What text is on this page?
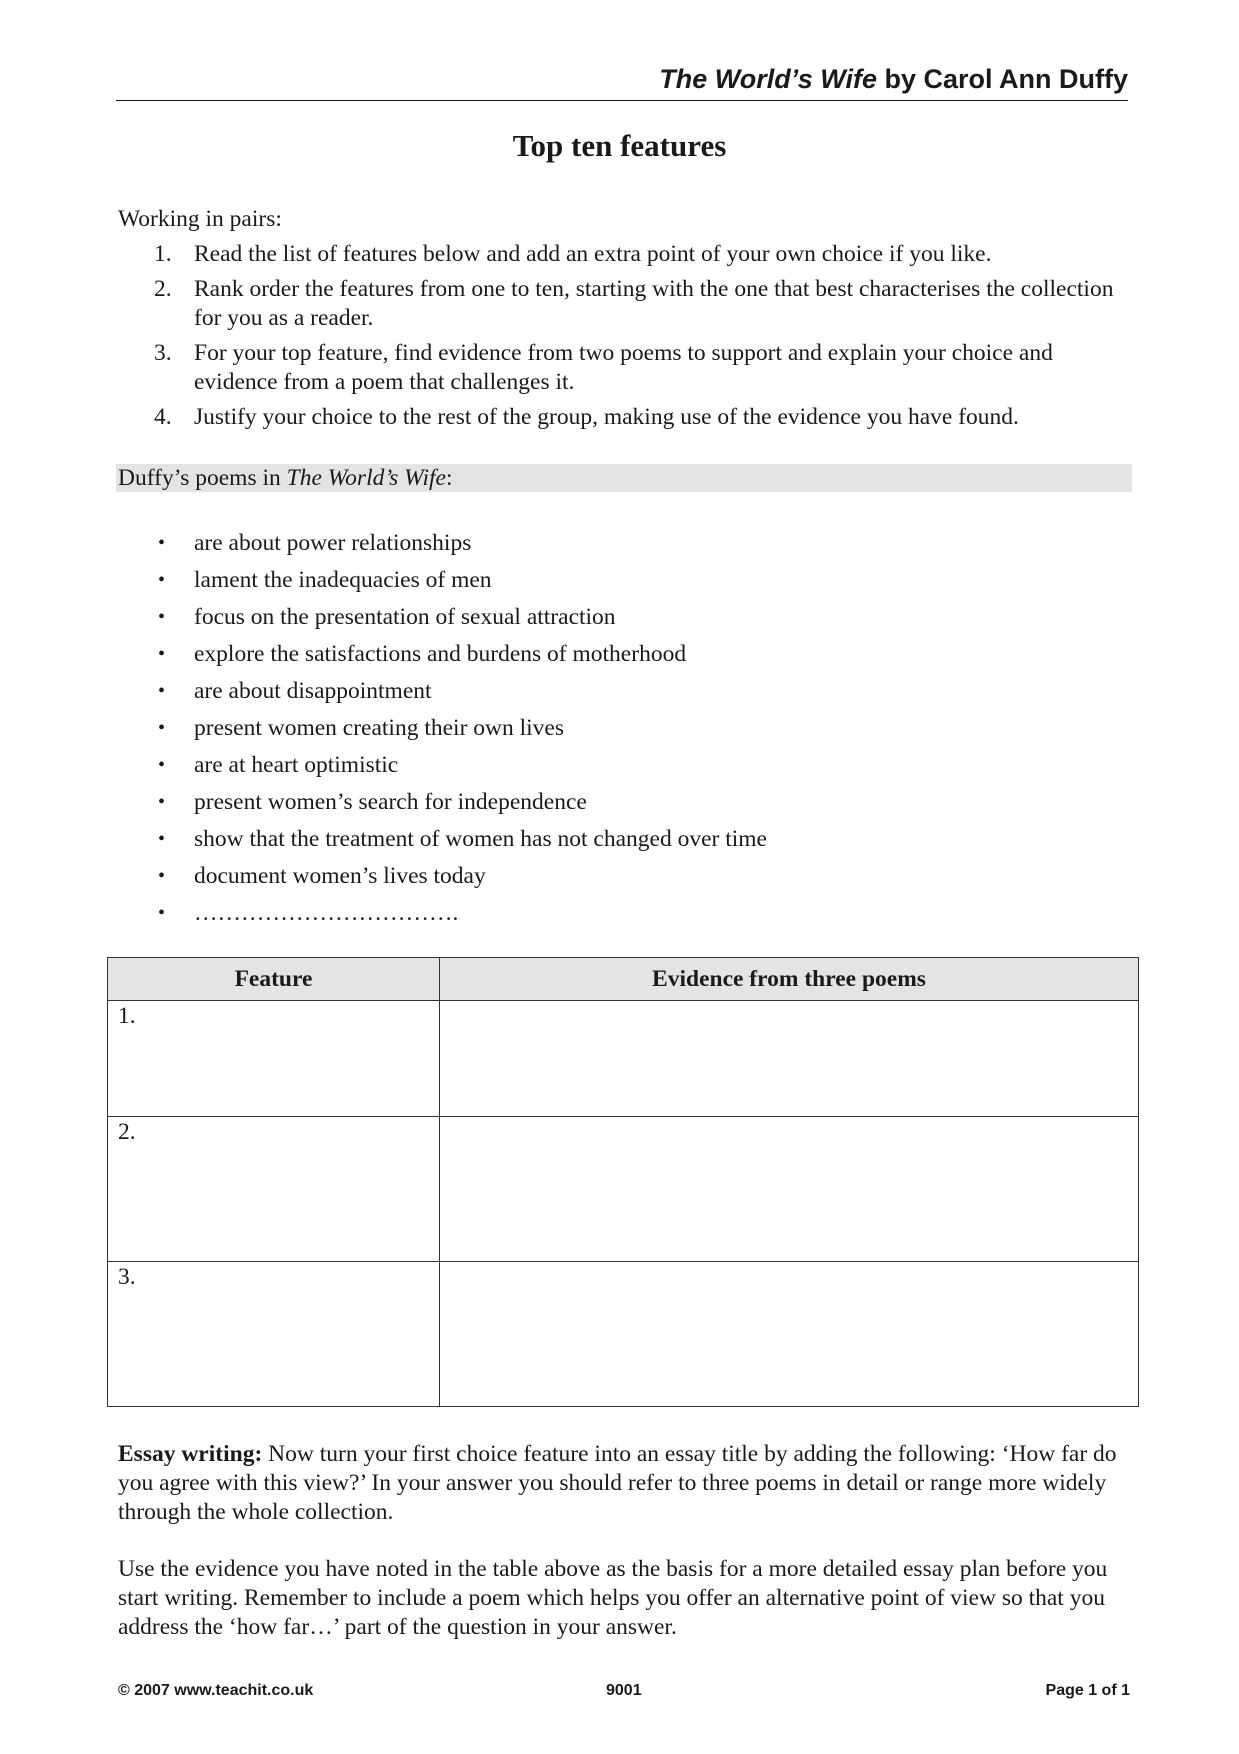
The World’s Wife by Carol Ann Duffy
Top ten features
Working in pairs:
1. Read the list of features below and add an extra point of your own choice if you like.
2. Rank order the features from one to ten, starting with the one that best characterises the collection for you as a reader.
3. For your top feature, find evidence from two poems to support and explain your choice and evidence from a poem that challenges it.
4. Justify your choice to the rest of the group, making use of the evidence you have found.
Duffy’s poems in The World’s Wife:
• are about power relationships
• lament the inadequacies of men
• focus on the presentation of sexual attraction
• explore the satisfactions and burdens of motherhood
• are about disappointment
• present women creating their own lives
• are at heart optimistic
• present women’s search for independence
• show that the treatment of women has not changed over time
• document women’s lives today
• …………………………….
Feature	Evidence from three poems
1.	
2.	
3.	
Essay writing: Now turn your first choice feature into an essay title by adding the following: ‘How far do you agree with this view?’ In your answer you should refer to three poems in detail or range more widely through the whole collection.
Use the evidence you have noted in the table above as the basis for a more detailed essay plan before you start writing. Remember to include a poem which helps you offer an alternative point of view so that you address the ‘how far…’ part of the question in your answer.
© 2007 www.teachit.co.uk	9001	Page 1 of 1
